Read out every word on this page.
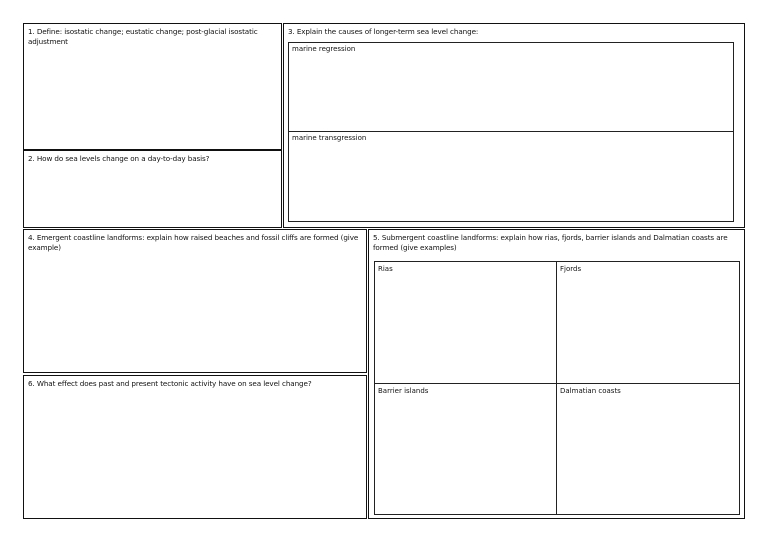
1. Define: isostatic change; eustatic change; post-glacial isostatic adjustment
2. How do sea levels change on a day-to-day basis?
3. Explain the causes of longer-term sea level change:
marine regression
marine transgression
4. Emergent coastline landforms: explain how raised beaches and fossil cliffs are formed (give example)
6. What effect does past and present tectonic activity have on sea level change?
5. Submergent coastline landforms: explain how rias, fjords, barrier islands and Dalmatian coasts are formed (give examples)
Rias	Fjords
Barrier islands	Dalmatian coasts
